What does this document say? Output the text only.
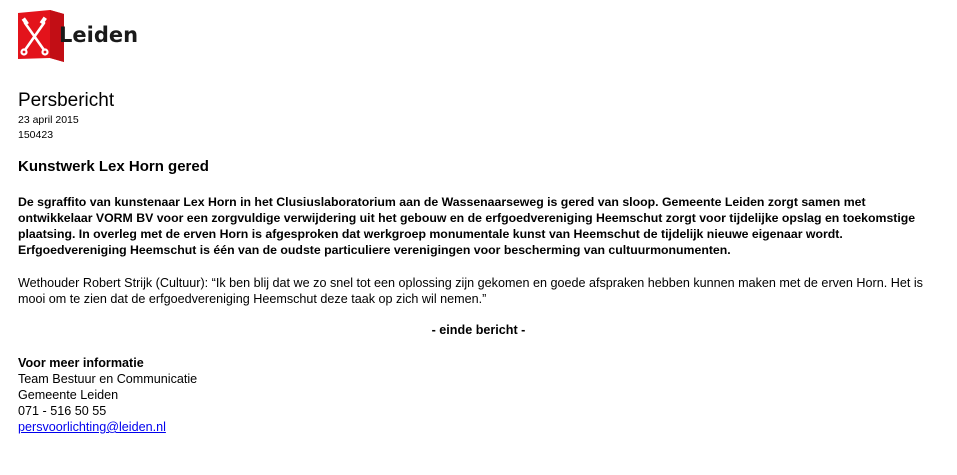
Leiden
Persbericht
23 april 2015
150423
Kunstwerk Lex Horn gered

De sgraffito van kunstenaar Lex Horn in het Clusiuslaboratorium aan de Wassenaarseweg is gered van sloop. Gemeente Leiden zorgt samen met ontwikkelaar VORM BV voor een zorgvuldige verwijdering uit het gebouw en de erfgoedvereniging Heemschut zorgt voor tijdelijke opslag en toekomstige plaatsing. In overleg met de erven Horn is afgesproken dat werkgroep monumentale kunst van Heemschut de tijdelijk nieuwe eigenaar wordt. Erfgoedvereniging Heemschut is één van de oudste particuliere verenigingen voor bescherming van cultuurmonumenten.

Wethouder Robert Strijk (Cultuur): “Ik ben blij dat we zo snel tot een oplossing zijn gekomen en goede afspraken hebben kunnen maken met de erven Horn. Het is mooi om te zien dat de erfgoedvereniging Heemschut deze taak op zich wil nemen.”

- einde bericht -
Voor meer informatie
Team Bestuur en Communicatie
Gemeente Leiden
071 - 516 50 55
persvoorlichting@leiden.nl
